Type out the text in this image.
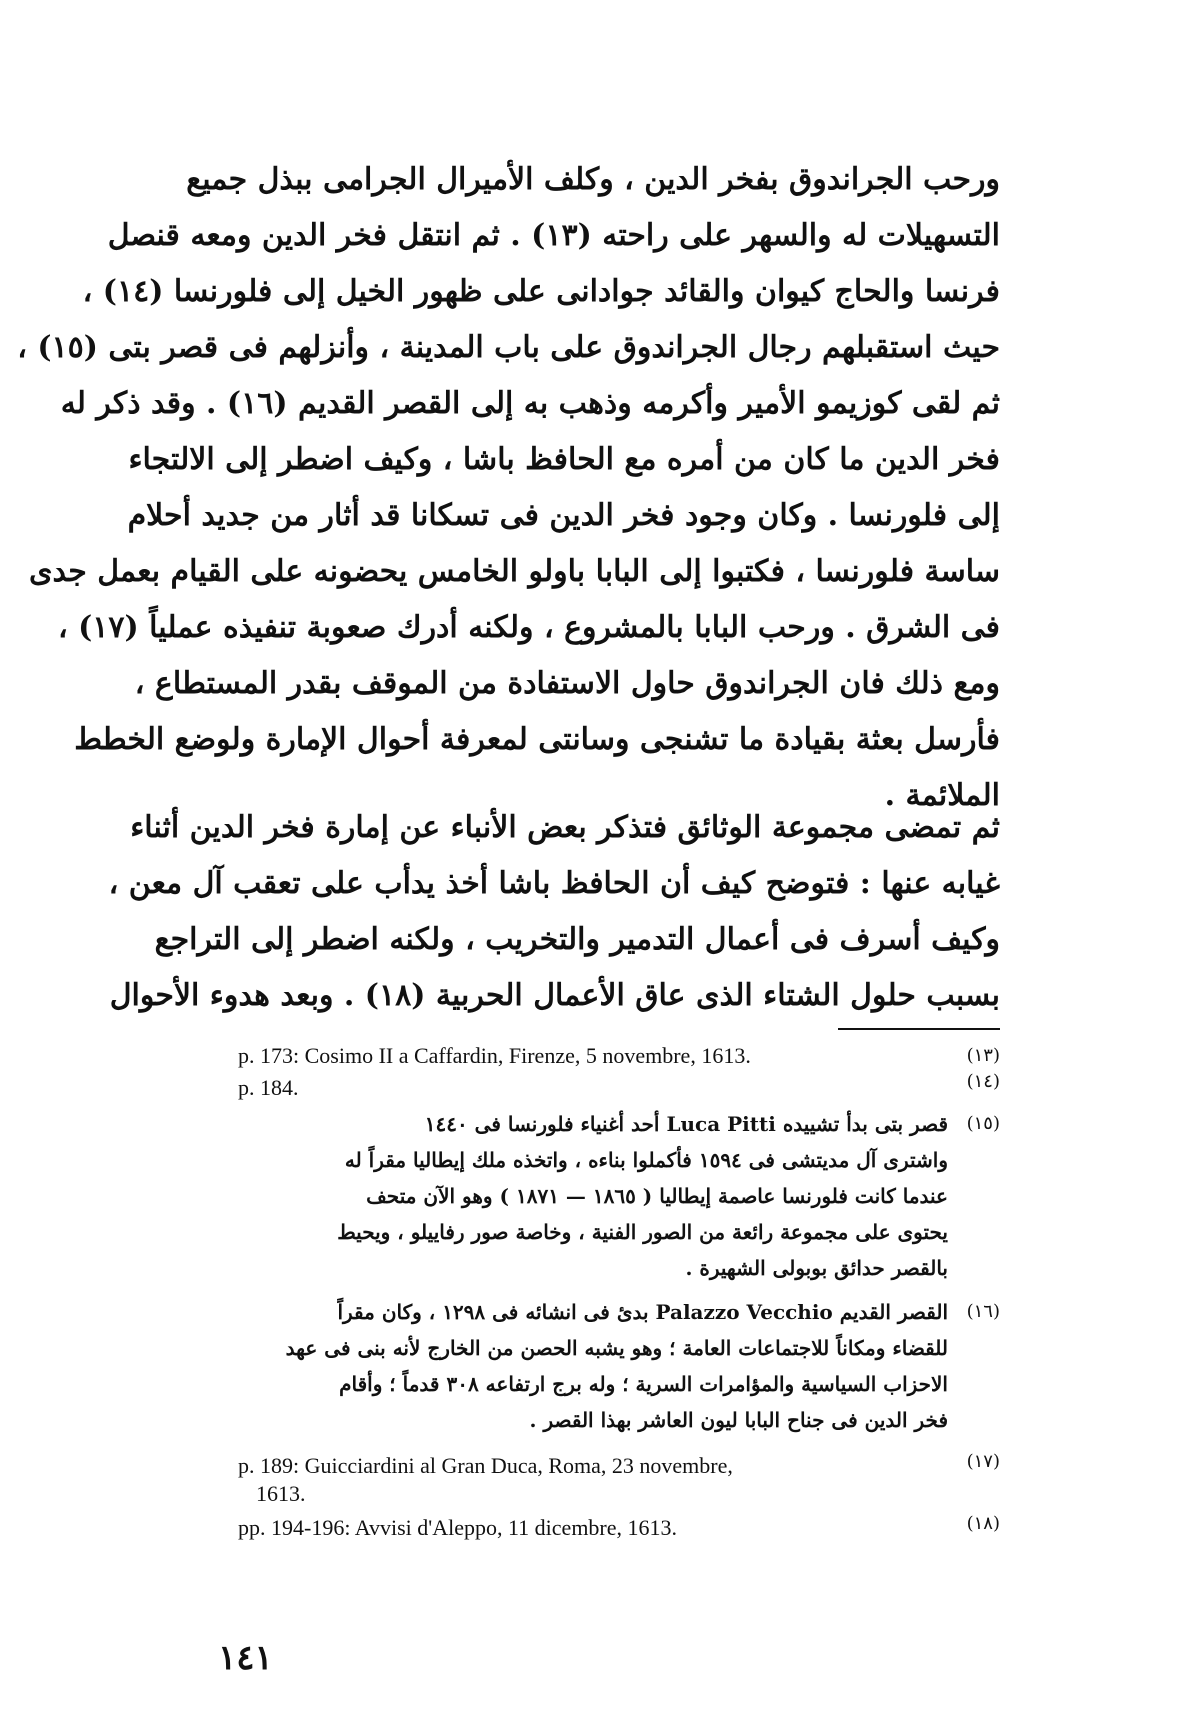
ورحب الجراندوق بفخر الدين ، وكلف الأميرال الجرامى ببذل جميع
التسهيلات له والسهر على راحته (١٣) . ثم انتقل فخر الدين ومعه قنصل
فرنسا والحاج كيوان والقائد جوادانى على ظهور الخيل إلى فلورنسا (١٤) ،
حيث استقبلهم رجال الجراندوق على باب المدينة ، وأنزلهم فى قصر بتى (١٥) ،
ثم لقى كوزيمو الأمير وأكرمه وذهب به إلى القصر القديم (١٦) . وقد ذكر له
فخر الدين ما كان من أمره مع الحافظ باشا ، وكيف اضطر إلى الالتجاء
إلى فلورنسا . وكان وجود فخر الدين فى تسكانا قد أثار من جديد أحلام
ساسة فلورنسا ، فكتبوا إلى البابا باولو الخامس يحضونه على القيام بعمل جدى
فى الشرق . ورحب البابا بالمشروع ، ولكنه أدرك صعوبة تنفيذه عملياً (١٧) ،
ومع ذلك فان الجراندوق حاول الاستفادة من الموقف بقدر المستطاع ،
فأرسل بعثة بقيادة ما تشنجى وسانتى لمعرفة أحوال الإمارة ولوضع الخطط
الملائمة .
ثم تمضى مجموعة الوثائق فتذكر بعض الأنباء عن إمارة فخر الدين أثناء
غيابه عنها : فتوضح كيف أن الحافظ باشا أخذ يدأب على تعقب آل معن ،
وكيف أسرف فى أعمال التدمير والتخريب ، ولكنه اضطر إلى التراجع
بسبب حلول الشتاء الذى عاق الأعمال الحربية (١٨) . وبعد هدوء الأحوال
(١٣)
p. 173: Cosimo II a Caffardin, Firenze, 5 novembre, 1613.
(١٤)
p. 184.
(١٥)
قصر بتى بدأ تشييده Luca Pitti أحد أغنياء فلورنسا فى ١٤٤٠
واشترى آل مديتشى فى ١٥٩٤ فأكملوا بناءه ، واتخذه ملك إيطاليا مقراً له
عندما كانت فلورنسا عاصمة إيطاليا ( ١٨٦٥ — ١٨٧١ ) وهو الآن متحف
يحتوى على مجموعة رائعة من الصور الفنية ، وخاصة صور رفاييلو ، ويحيط
بالقصر حدائق بوبولى الشهيرة .
(١٦)
القصر القديم Palazzo Vecchio بدئ فى انشائه فى ١٢٩٨ ، وكان مقراً
للقضاء ومكاناً للاجتماعات العامة ؛ وهو يشبه الحصن من الخارج لأنه بنى فى عهد
الاحزاب السياسية والمؤامرات السرية ؛ وله برج ارتفاعه ٣٠٨ قدماً ؛ وأقام
فخر الدين فى جناح البابا ليون العاشر بهذا القصر .
(١٧)
p. 189: Guicciardini al Gran Duca, Roma, 23 novembre,
1613.
(١٨)
pp. 194-196: Avvisi d'Aleppo, 11 dicembre, 1613.
١٤١
